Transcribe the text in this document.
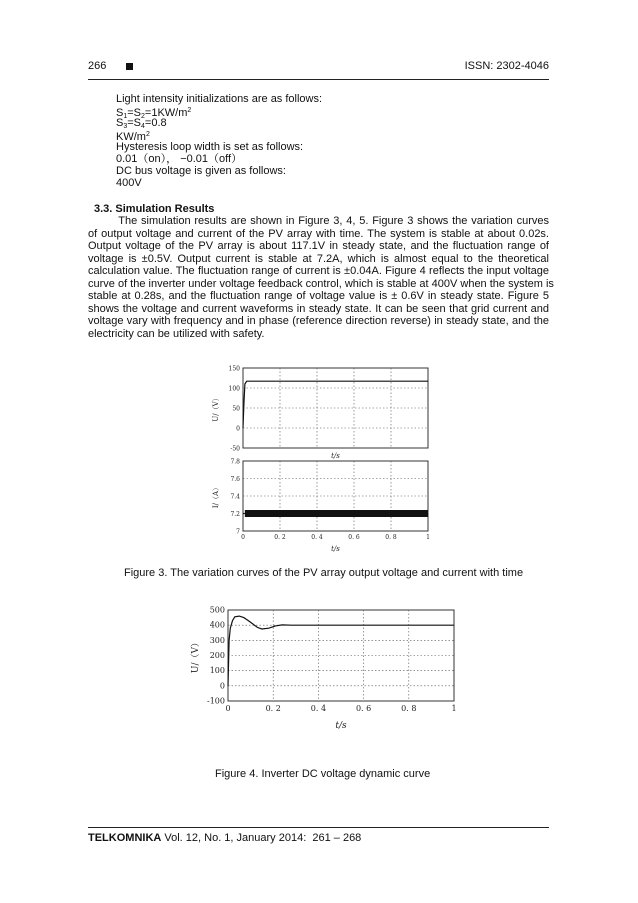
266	ISSN: 2302-4046
Light intensity initializations are as follows:
$S_1=S_2=1KW/m^2$
$S_3=S_4=0.8$
$KW/m^2$
Hysteresis loop width is set as follows:
0.01（on）， −0.01（off）
DC bus voltage is given as follows:
400V
3.3. Simulation Results
The simulation results are shown in Figure 3, 4, 5. Figure 3 shows the variation curves
of output voltage and current of the PV array with time. The system is stable at about 0.02s.
Output voltage of the PV array is about 117.1V in steady state, and the fluctuation range of
voltage is ±0.5V. Output current is stable at 7.2A, which is almost equal to the theoretical
calculation value. The fluctuation range of current is ±0.04A. Figure 4 reflects the input voltage
curve of the inverter under voltage feedback control, which is stable at 400V when the system is
stable at 0.28s, and the fluctuation range of voltage value is ± 0.6V in steady state. Figure 5
shows the voltage and current waveforms in steady state. It can be seen that grid current and
voltage vary with frequency and in phase (reference direction reverse) in steady state, and the
electricity can be utilized with safety.
150
100
50
0
-50
U/（V）
t/s
7.8
7.6
7.4
7.2
7
0	0. 2	0. 4	0. 6	0. 8	1
I/（A）
t/s
Figure 3. The variation curves of the PV array output voltage and current with time
500
400
300
200
100
0
-100
0	0. 2	0. 4	0. 6	0. 8	1
U/（V）
t/s
Figure 4. Inverter DC voltage dynamic curve
TELKOMNIKA Vol. 12, No. 1, January 2014:  261 – 268
